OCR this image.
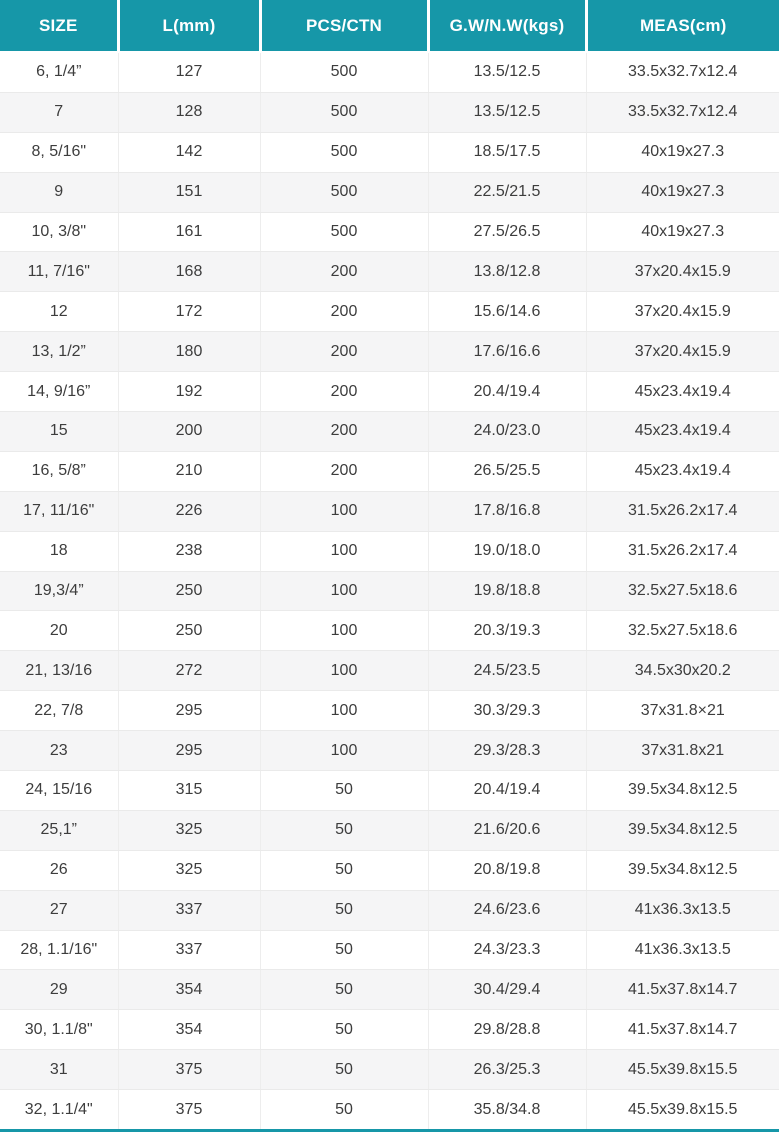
SIZE	L(mm)	PCS/CTN	G.W/N.W(kgs)	MEAS(cm)
6, 1/4”	127	500	13.5/12.5	33.5x32.7x12.4
7	128	500	13.5/12.5	33.5x32.7x12.4
8, 5/16"	142	500	18.5/17.5	40x19x27.3
9	151	500	22.5/21.5	40x19x27.3
10, 3/8"	161	500	27.5/26.5	40x19x27.3
11, 7/16"	168	200	13.8/12.8	37x20.4x15.9
12	172	200	15.6/14.6	37x20.4x15.9
13, 1/2”	180	200	17.6/16.6	37x20.4x15.9
14, 9/16”	192	200	20.4/19.4	45x23.4x19.4
15	200	200	24.0/23.0	45x23.4x19.4
16, 5/8”	210	200	26.5/25.5	45x23.4x19.4
17, 11/16"	226	100	17.8/16.8	31.5x26.2x17.4
18	238	100	19.0/18.0	31.5x26.2x17.4
19,3/4”	250	100	19.8/18.8	32.5x27.5x18.6
20	250	100	20.3/19.3	32.5x27.5x18.6
21, 13/16	272	100	24.5/23.5	34.5x30x20.2
22, 7/8	295	100	30.3/29.3	37x31.8×21
23	295	100	29.3/28.3	37x31.8x21
24, 15/16	315	50	20.4/19.4	39.5x34.8x12.5
25,1”	325	50	21.6/20.6	39.5x34.8x12.5
26	325	50	20.8/19.8	39.5x34.8x12.5
27	337	50	24.6/23.6	41x36.3x13.5
28, 1.1/16"	337	50	24.3/23.3	41x36.3x13.5
29	354	50	30.4/29.4	41.5x37.8x14.7
30, 1.1/8"	354	50	29.8/28.8	41.5x37.8x14.7
31	375	50	26.3/25.3	45.5x39.8x15.5
32, 1.1/4"	375	50	35.8/34.8	45.5x39.8x15.5
